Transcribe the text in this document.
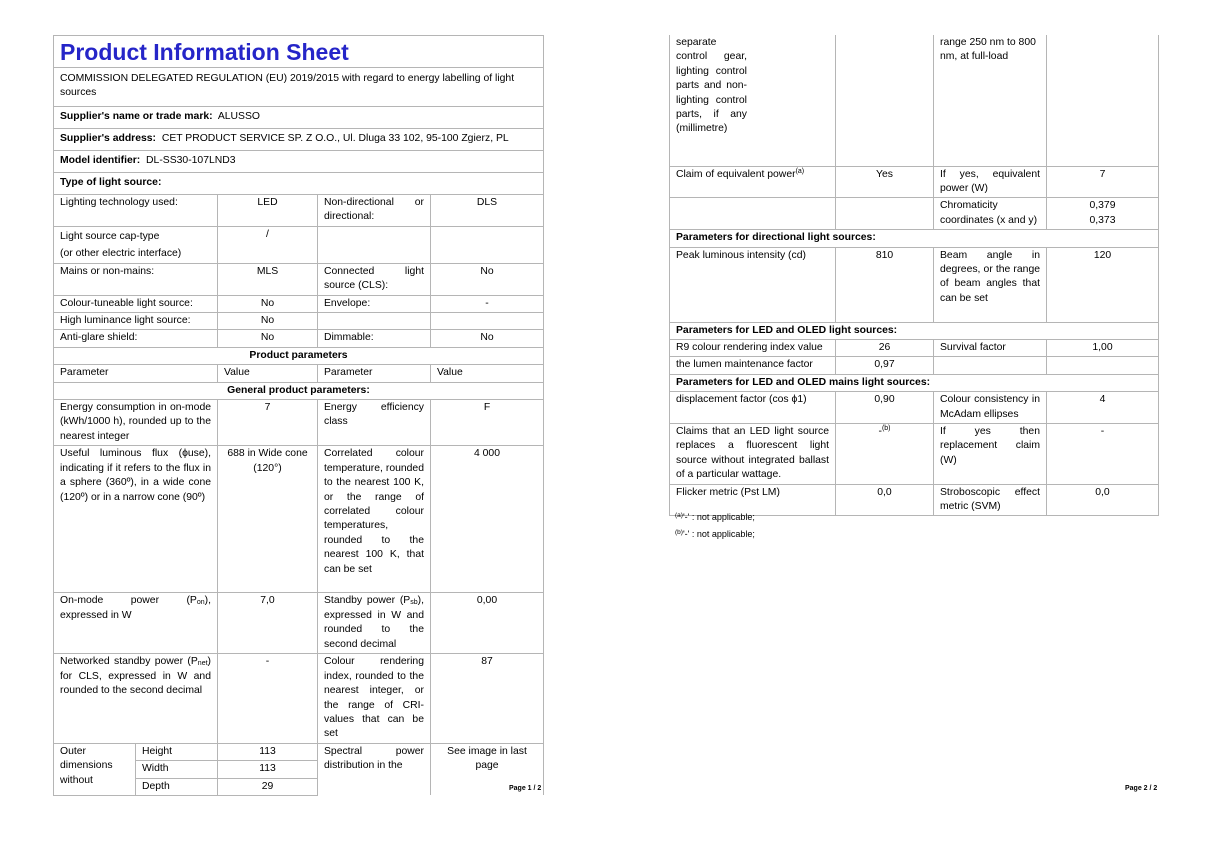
Product Information Sheet				
COMMISSION DELEGATED REGULATION (EU) 2019/2015 with regard to energy labelling of light sources				
Supplier's name or trade mark: ALUSSO				
Supplier's address: CET PRODUCT SERVICE SP. Z O.O., Ul. Dluga 33 102, 95-100 Zgierz, PL				
Model identifier: DL-SS30-107LND3				
Type of light source:				
Lighting technology used:		LED	Non-directional or directional:	DLS
Light source cap-type
(or other electric interface)		/		
Mains or non-mains:		MLS	Connected light source (CLS):	No
Colour-tuneable light source:		No	Envelope:	-
High luminance light source:		No		
Anti-glare shield:		No	Dimmable:	No
Product parameters				
Parameter		Value	Parameter	Value
General product parameters:				
Energy consumption in on-mode (kWh/1000 h), rounded up to the nearest integer		7	Energy efficiency class	F
Useful luminous flux (ϕuse), indicating if it refers to the flux in a sphere (360º), in a wide cone (120º) or in a narrow cone (90º)		688 in Wide cone (120°)	Correlated colour temperature, rounded to the nearest 100 K, or the range of correlated colour temperatures, rounded to the nearest 100 K, that can be set	4 000
On-mode power $(P_{on})$, expressed in W		7,0	Standby power $(P_{sb})$, expressed in W and rounded to the second decimal	0,00
Networked standby power $(P_{net})$ for CLS, expressed in W and rounded to the second decimal		-	Colour rendering index, rounded to the nearest integer, or the range of CRI-values that can be set	87
Outer dimensions without	Height	113	Spectral power distribution in the	See image in last page
	Width	113		
	Depth	29			Page 1 / 2
separate control gear, lighting control parts and non-lighting control parts, if any (millimetre)		range 250 nm to 800 nm, at full-load	
Claim of equivalent power$^{(a)}$	Yes	If yes, equivalent power (W)	7
		Chromaticity coordinates (x and y)	0,379
0,373
Parameters for directional light sources:			
Peak luminous intensity (cd)	810	Beam angle in degrees, or the range of beam angles that can be set	120
Parameters for LED and OLED light sources:			
R9 colour rendering index value	26	Survival factor	1,00
the lumen maintenance factor	0,97		
Parameters for LED and OLED mains light sources:			
displacement factor (cos ϕ1)	0,90	Colour consistency in McAdam ellipses	4
Claims that an LED light source replaces a fluorescent light source without integrated ballast of a particular wattage.	-$^{(b)}$	If yes then replacement claim (W)	-
Flicker metric (Pst LM)	0,0	Stroboscopic effect metric (SVM)	0,0
$^{(a)}$'-' : not applicable;
$^{(b)}$'-' : not applicable;
Page 2 / 2
